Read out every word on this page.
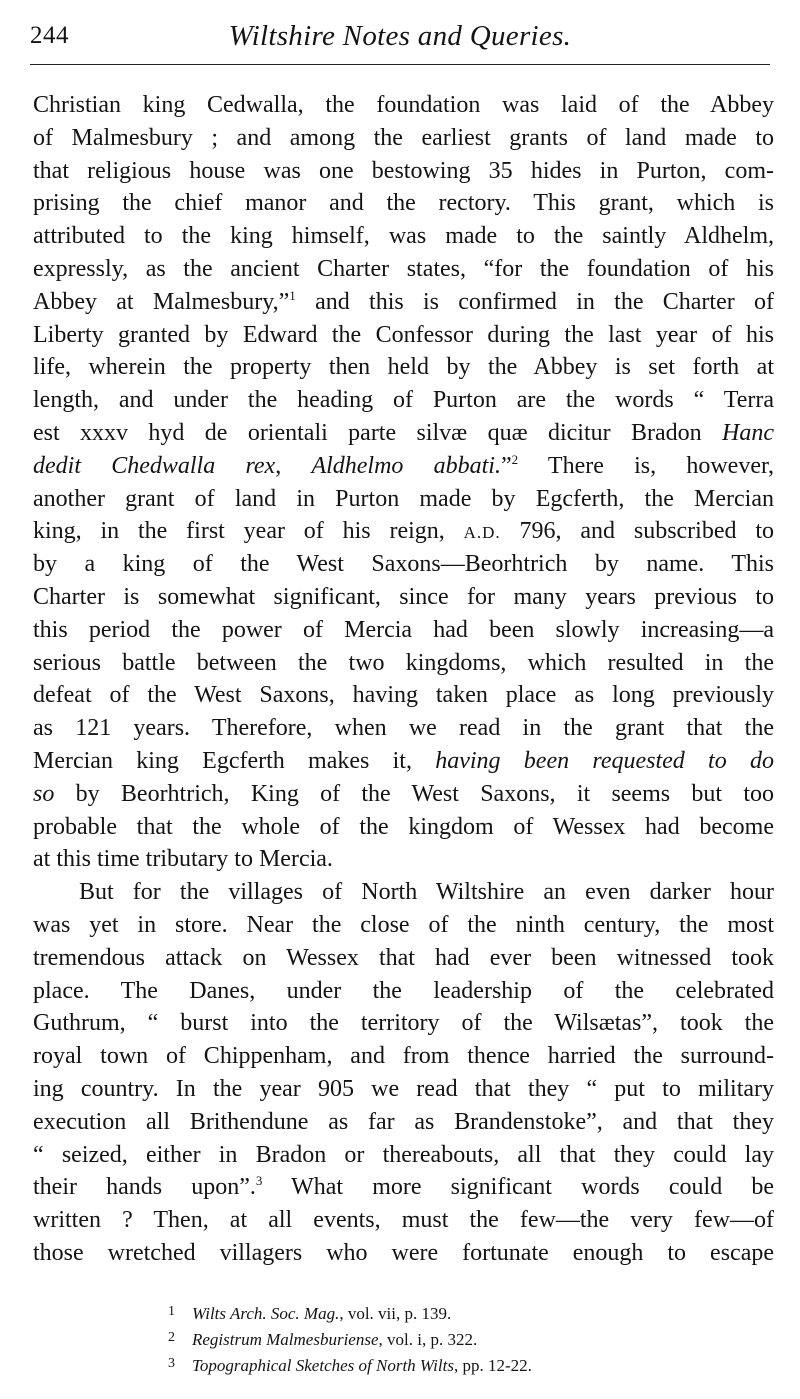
244	Wiltshire Notes and Queries.

Christian king Cedwalla, the foundation was laid of the Abbey
of Malmesbury ; and among the earliest grants of land made to
that religious house was one bestowing 35 hides in Purton, com-
prising the chief manor and the rectory. This grant, which is
attributed to the king himself, was made to the saintly Aldhelm,
expressly, as the ancient Charter states, “for the foundation of his
Abbey at Malmesbury,”$^1$ and this is confirmed in the Charter of
Liberty granted by Edward the Confessor during the last year of his
life, wherein the property then held by the Abbey is set forth at
length, and under the heading of Purton are the words “ Terra
est xxxv hyd de orientali parte silvæ quæ dicitur Bradon Hanc
dedit Chedwalla rex, Aldhelmo abbati.”$^2$ There is, however,
another grant of land in Purton made by Egcferth, the Mercian
king, in the first year of his reign, A.D. 796, and subscribed to
by a king of the West Saxons—Beorhtrich by name. This
Charter is somewhat significant, since for many years previous to
this period the power of Mercia had been slowly increasing—a
serious battle between the two kingdoms, which resulted in the
defeat of the West Saxons, having taken place as long previously
as 121 years. Therefore, when we read in the grant that the
Mercian king Egcferth makes it, having been requested to do
so by Beorhtrich, King of the West Saxons, it seems but too
probable that the whole of the kingdom of Wessex had become
at this time tributary to Mercia.

But for the villages of North Wiltshire an even darker hour
was yet in store. Near the close of the ninth century, the most
tremendous attack on Wessex that had ever been witnessed took
place. The Danes, under the leadership of the celebrated
Guthrum, “ burst into the territory of the Wilsætas”, took the
royal town of Chippenham, and from thence harried the surround-
ing country. In the year 905 we read that they “ put to military
execution all Brithendune as far as Brandenstoke”, and that they
“ seized, either in Bradon or thereabouts, all that they could lay
their hands upon”.$^3$ What more significant words could be
written ? Then, at all events, must the few—the very few—of
those wretched villagers who were fortunate enough to escape

1 Wilts Arch. Soc. Mag., vol. vii, p. 139.
2 Registrum Malmesburiense, vol. i, p. 322.
3 Topographical Sketches of North Wilts, pp. 12-22.
